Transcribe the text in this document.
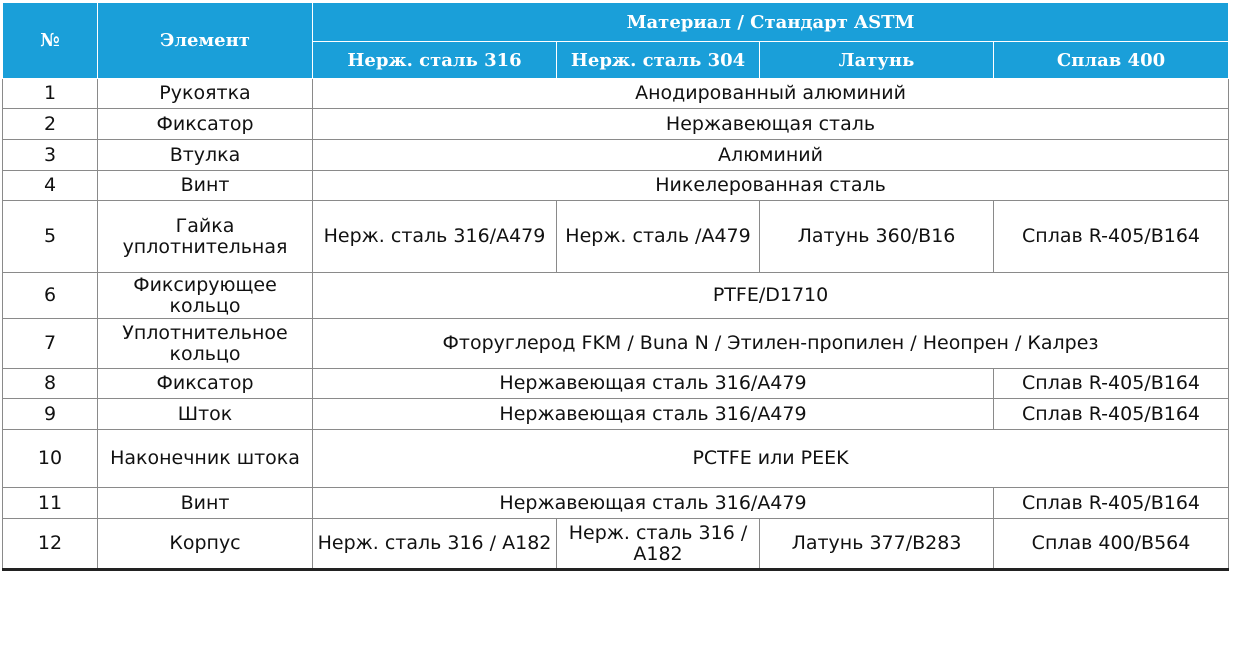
№	Элемент	Материал / Стандарт ASTM			
		Нерж. сталь 316	Нерж. сталь 304	Латунь	Сплав 400
1	Рукоятка	Анодированный алюминий			
2	Фиксатор	Нержавеющая сталь			
3	Втулка	Алюминий			
4	Винт	Никелерованная сталь			
5	Гайка уплотнительная	Нерж. сталь 316/A479	Нерж. сталь /A479	Латунь 360/B16	Сплав R-405/B164
6	Фиксирующее кольцо	PTFE/D1710			
7	Уплотнительное кольцо	Фторуглерод FKM / Buna N / Этилен-пропилен / Неопрен / Калрез			
8	Фиксатор	Нержавеющая сталь 316/A479			Сплав R-405/B164
9	Шток	Нержавеющая сталь 316/A479			Сплав R-405/B164
10	Наконечник штока	PCTFE или PEEK			
11	Винт	Нержавеющая сталь 316/A479			Сплав R-405/B164
12	Корпус	Нерж. сталь 316 / A182	Нерж. сталь 316 / A182	Латунь 377/B283	Сплав 400/B564
